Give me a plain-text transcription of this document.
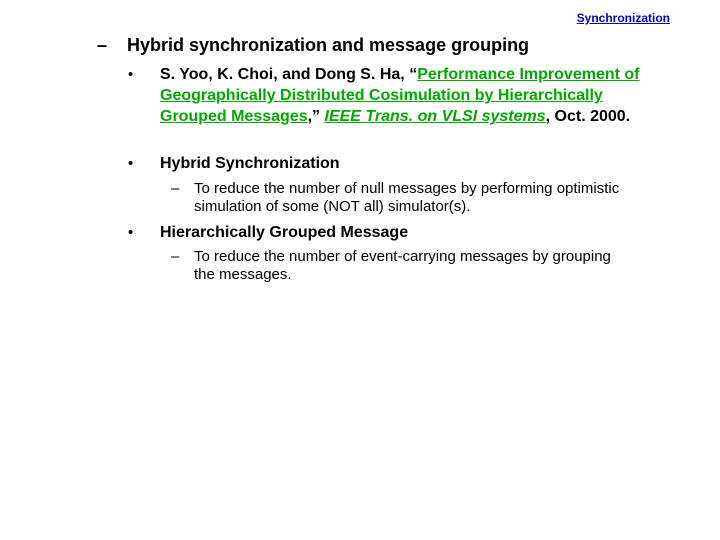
Synchronization
– Hybrid synchronization and message grouping
• S. Yoo, K. Choi, and Dong S. Ha, “Performance Improvement of Geographically Distributed Cosimulation by Hierarchically Grouped Messages,” IEEE Trans. on VLSI systems, Oct. 2000.
• Hybrid Synchronization
– To reduce the number of null messages by performing optimistic simulation of some (NOT all) simulator(s).
• Hierarchically Grouped Message
– To reduce the number of event-carrying messages by grouping the messages.
